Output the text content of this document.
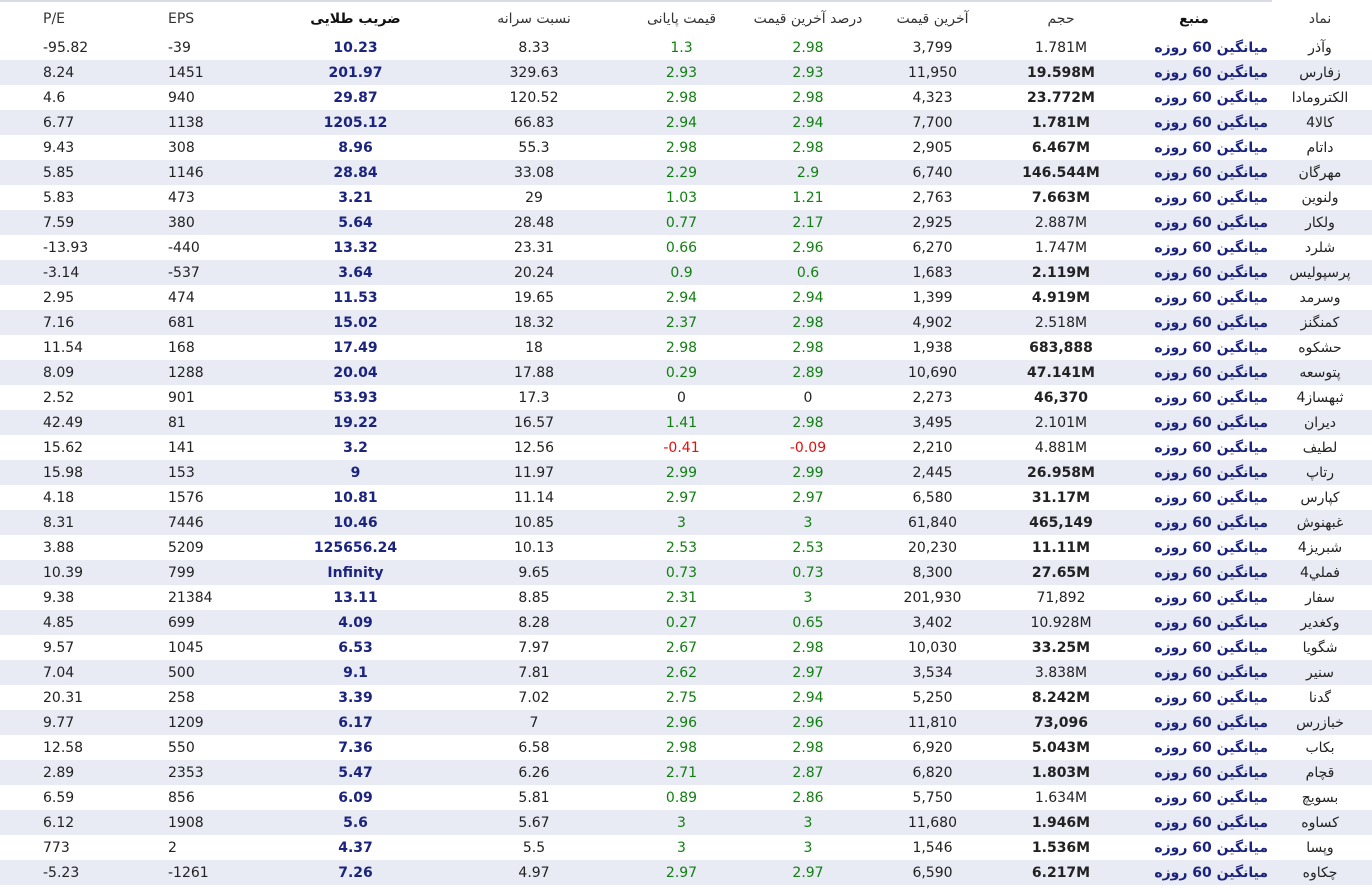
P/E	EPS	ضریب طلایی	نسبت سرانه	قیمت پایانی	درصد آخرین قیمت	آخرین قیمت	حجم	منبع	نماد
-95.82	-39	10.23	8.33	1.3	2.98	3,799	1.781M	میانگین 60 روزه	وآذر
8.24	1451	201.97	329.63	2.93	2.93	11,950	19.598M	میانگین 60 روزه	زفارس
4.6	940	29.87	120.52	2.98	2.98	4,323	23.772M	میانگین 60 روزه	الکترومادا
6.77	1138	1205.12	66.83	2.94	2.94	7,700	1.781M	میانگین 60 روزه	کالا4
9.43	308	8.96	55.3	2.98	2.98	2,905	6.467M	میانگین 60 روزه	داتام
5.85	1146	28.84	33.08	2.29	2.9	6,740	146.544M	میانگین 60 روزه	مهرگان
5.83	473	3.21	29	1.03	1.21	2,763	7.663M	میانگین 60 روزه	ولنوین
7.59	380	5.64	28.48	0.77	2.17	2,925	2.887M	میانگین 60 روزه	ولکار
-13.93	-440	13.32	23.31	0.66	2.96	6,270	1.747M	میانگین 60 روزه	شلرد
-3.14	-537	3.64	20.24	0.9	0.6	1,683	2.119M	میانگین 60 روزه	پرسپولیس
2.95	474	11.53	19.65	2.94	2.94	1,399	4.919M	میانگین 60 روزه	وسرمد
7.16	681	15.02	18.32	2.37	2.98	4,902	2.518M	میانگین 60 روزه	کمنگنز
11.54	168	17.49	18	2.98	2.98	1,938	683,888	میانگین 60 روزه	حشکوه
8.09	1288	20.04	17.88	0.29	2.89	10,690	47.141M	میانگین 60 روزه	پتوسعه
2.52	901	53.93	17.3	0	0	2,273	46,370	میانگین 60 روزه	ثبهساز4
42.49	81	19.22	16.57	1.41	2.98	3,495	2.101M	میانگین 60 روزه	دیران
15.62	141	3.2	12.56	-0.41	-0.09	2,210	4.881M	میانگین 60 روزه	لطیف
15.98	153	9	11.97	2.99	2.99	2,445	26.958M	میانگین 60 روزه	رتاپ
4.18	1576	10.81	11.14	2.97	2.97	6,580	31.17M	میانگین 60 روزه	کپارس
8.31	7446	10.46	10.85	3	3	61,840	465,149	میانگین 60 روزه	غبهنوش
3.88	5209	125656.24	10.13	2.53	2.53	20,230	11.11M	میانگین 60 روزه	شبریز4
10.39	799	Infinity	9.65	0.73	0.73	8,300	27.65M	میانگین 60 روزه	فملي4
9.38	21384	13.11	8.85	2.31	3	201,930	71,892	میانگین 60 روزه	سفار
4.85	699	4.09	8.28	0.27	0.65	3,402	10.928M	میانگین 60 روزه	وکغدیر
9.57	1045	6.53	7.97	2.67	2.98	10,030	33.25M	میانگین 60 روزه	شگویا
7.04	500	9.1	7.81	2.62	2.97	3,534	3.838M	میانگین 60 روزه	سنیر
20.31	258	3.39	7.02	2.75	2.94	5,250	8.242M	میانگین 60 روزه	گدنا
9.77	1209	6.17	7	2.96	2.96	11,810	73,096	میانگین 60 روزه	خبازرس
12.58	550	7.36	6.58	2.98	2.98	6,920	5.043M	میانگین 60 روزه	بکاب
2.89	2353	5.47	6.26	2.71	2.87	6,820	1.803M	میانگین 60 روزه	قچام
6.59	856	6.09	5.81	0.89	2.86	5,750	1.634M	میانگین 60 روزه	بسویچ
6.12	1908	5.6	5.67	3	3	11,680	1.946M	میانگین 60 روزه	کساوه
773	2	4.37	5.5	3	3	1,546	1.536M	میانگین 60 روزه	وپسا
-5.23	-1261	7.26	4.97	2.97	2.97	6,590	6.217M	میانگین 60 روزه	چکاوه
